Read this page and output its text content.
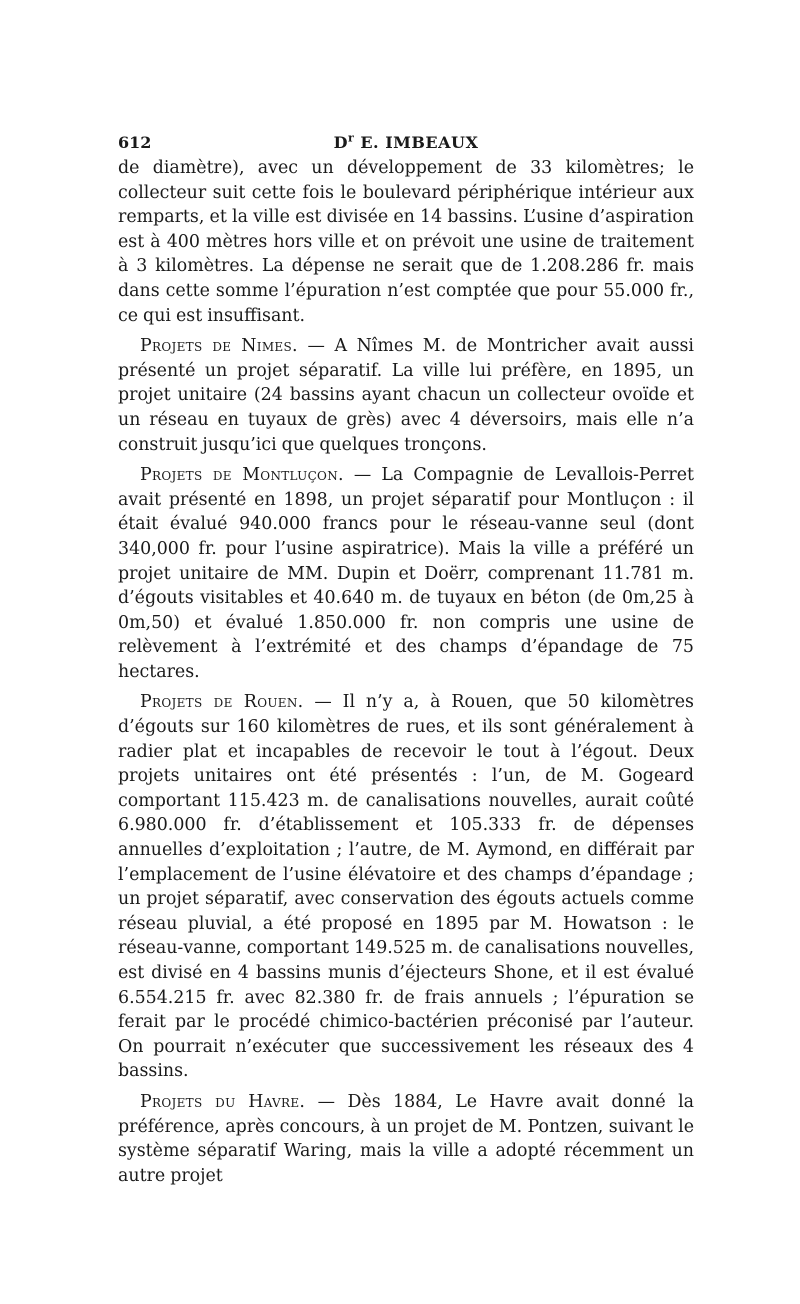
612	$D^r$ E. IMBEAUX

de diamètre), avec un développement de 33 kilomètres; le collecteur suit cette fois le boulevard périphérique intérieur aux remparts, et la ville est divisée en 14 bassins. L’usine d’aspiration est à 400 mètres hors ville et on prévoit une usine de traitement à 3 kilomètres. La dépense ne serait que de 1.208.286 fr. mais dans cette somme l’épuration n’est comptée que pour 55.000 fr., ce qui est insuffisant.

Projets de Nimes. — A Nîmes M. de Montricher avait aussi présenté un projet séparatif. La ville lui préfère, en 1895, un projet unitaire (24 bassins ayant chacun un collecteur ovoïde et un réseau en tuyaux de grès) avec 4 déversoirs, mais elle n’a construit jusqu’ici que quelques tronçons.

Projets de Montluçon. — La Compagnie de Levallois-Perret avait présenté en 1898, un projet séparatif pour Montluçon : il était évalué 940.000 francs pour le réseau-vanne seul (dont 340,000 fr. pour l’usine aspiratrice). Mais la ville a préféré un projet unitaire de MM. Dupin et Doërr, comprenant 11.781 m. d’égouts visitables et 40.640 m. de tuyaux en béton (de 0m,25 à 0m,50) et évalué 1.850.000 fr. non compris une usine de relèvement à l’extrémité et des champs d’épandage de 75 hectares.

Projets de Rouen. — Il n’y a, à Rouen, que 50 kilomètres d’égouts sur 160 kilomètres de rues, et ils sont généralement à radier plat et incapables de recevoir le tout à l’égout. Deux projets unitaires ont été présentés : l’un, de M. Gogeard comportant 115.423 m. de canalisations nouvelles, aurait coûté 6.980.000 fr. d’établissement et 105.333 fr. de dépenses annuelles d’exploitation ; l’autre, de M. Aymond, en différait par l’emplacement de l’usine élévatoire et des champs d’épandage ; un projet séparatif, avec conservation des égouts actuels comme réseau pluvial, a été proposé en 1895 par M. Howatson : le réseau-vanne, comportant 149.525 m. de canalisations nouvelles, est divisé en 4 bassins munis d’éjecteurs Shone, et il est évalué 6.554.215 fr. avec 82.380 fr. de frais annuels ; l’épuration se ferait par le procédé chimico-bactérien préconisé par l’auteur. On pourrait n’exécuter que successivement les réseaux des 4 bassins.

Projets du Havre. — Dès 1884, Le Havre avait donné la préférence, après concours, à un projet de M. Pontzen, suivant le système séparatif Waring, mais la ville a adopté récemment un autre projet
